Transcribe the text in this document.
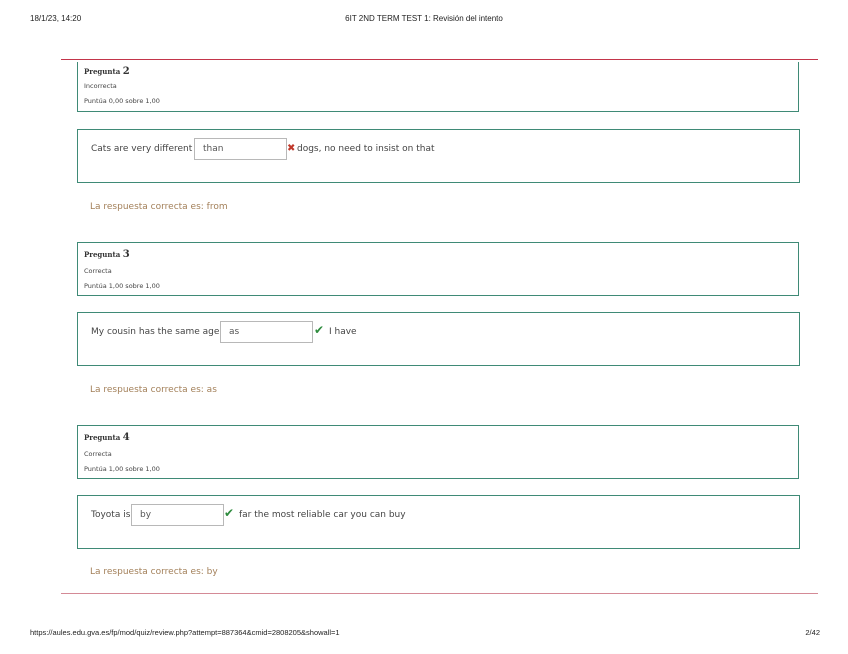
18/1/23, 14:20	6IT 2ND TERM TEST 1: Revisión del intento
Pregunta 2
Incorrecta
Puntúa 0,00 sobre 1,00
Cats are very different	than	✖ dogs, no need to insist on that
La respuesta correcta es: from
Pregunta 3
Correcta
Puntúa 1,00 sobre 1,00
My cousin has the same age	as	✔ I have
La respuesta correcta es: as
Pregunta 4
Correcta
Puntúa 1,00 sobre 1,00
Toyota is	by	✔ far the most reliable car you can buy
La respuesta correcta es: by
https://aules.edu.gva.es/fp/mod/quiz/review.php?attempt=887364&cmid=2808205&showall=1	2/42
